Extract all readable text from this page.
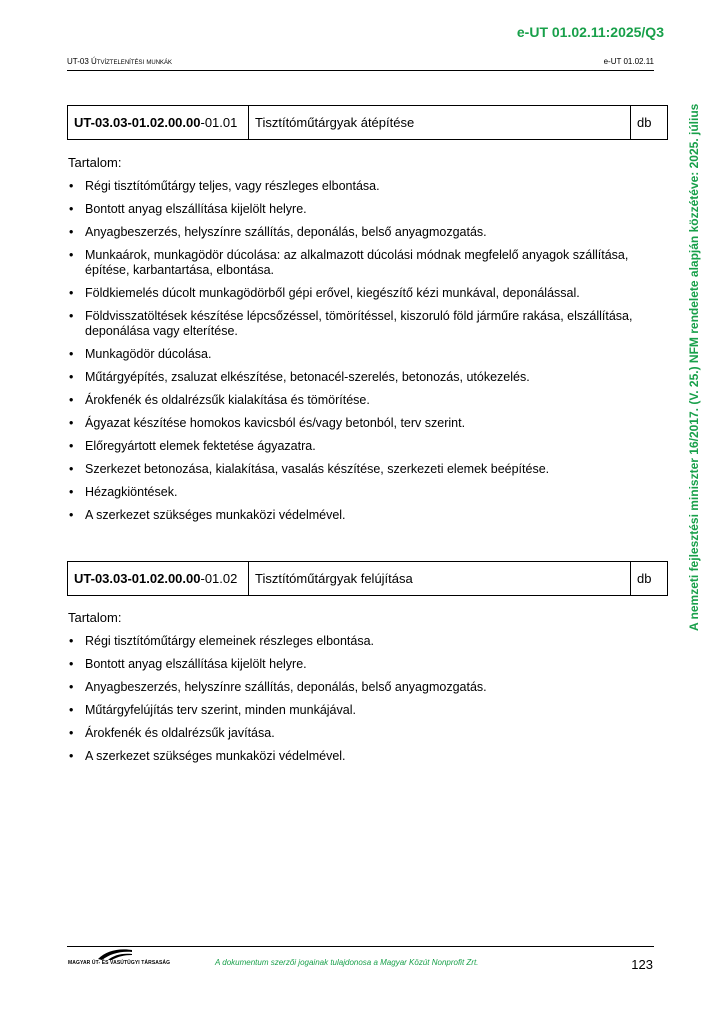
e-UT 01.02.11:2025/Q3
UT-03 Útvíztelenítési munkák	e-UT 01.02.11
A nemzeti fejlesztési miniszter 16/2017. (V. 25.) NFM rendelete alapján közzétéve: 2025. július
UT-03.03-01.02.00.00 -01.01	Tisztítóműtárgyak átépítése	db
Tartalom:
• Régi tisztítóműtárgy teljes, vagy részleges elbontása.
• Bontott anyag elszállítása kijelölt helyre.
• Anyagbeszerzés, helyszínre szállítás, deponálás, belső anyagmozgatás.
• Munkaárok, munkagödör dúcolása: az alkalmazott dúcolási módnak megfelelő anyagok szállítása, építése, karbantartása, elbontása.
• Földkiemelés dúcolt munkagödörből gépi erővel, kiegészítő kézi munkával, deponálással.
• Földvisszatöltések készítése lépcsőzéssel, tömörítéssel, kiszoruló föld járműre rakása, elszállítása, deponálása vagy elterítése.
• Munkagödör dúcolása.
• Műtárgyépítés, zsaluzat elkészítése, betonacél-szerelés, betonozás, utókezelés.
• Árokfenék és oldalrézsűk kialakítása és tömörítése.
• Ágyazat készítése homokos kavicsból és/vagy betonból, terv szerint.
• Előregyártott elemek fektetése ágyazatra.
• Szerkezet betonozása, kialakítása, vasalás készítése, szerkezeti elemek beépítése.
• Hézagkiöntések.
• A szerkezet szükséges munkaközi védelmével.
UT-03.03-01.02.00.00 -01.02	Tisztítóműtárgyak felújítása	db
Tartalom:
• Régi tisztítóműtárgy elemeinek részleges elbontása.
• Bontott anyag elszállítása kijelölt helyre.
• Anyagbeszerzés, helyszínre szállítás, deponálás, belső anyagmozgatás.
• Műtárgyfelújítás terv szerint, minden munkájával.
• Árokfenék és oldalrézsűk javítása.
• A szerkezet szükséges munkaközi védelmével.
MAGYAR ÚT- ÉS VASÚTÜGYI TÁRSASÁG	A dokumentum szerzői jogainak tulajdonosa a Magyar Közút Nonprofit Zrt.	123
